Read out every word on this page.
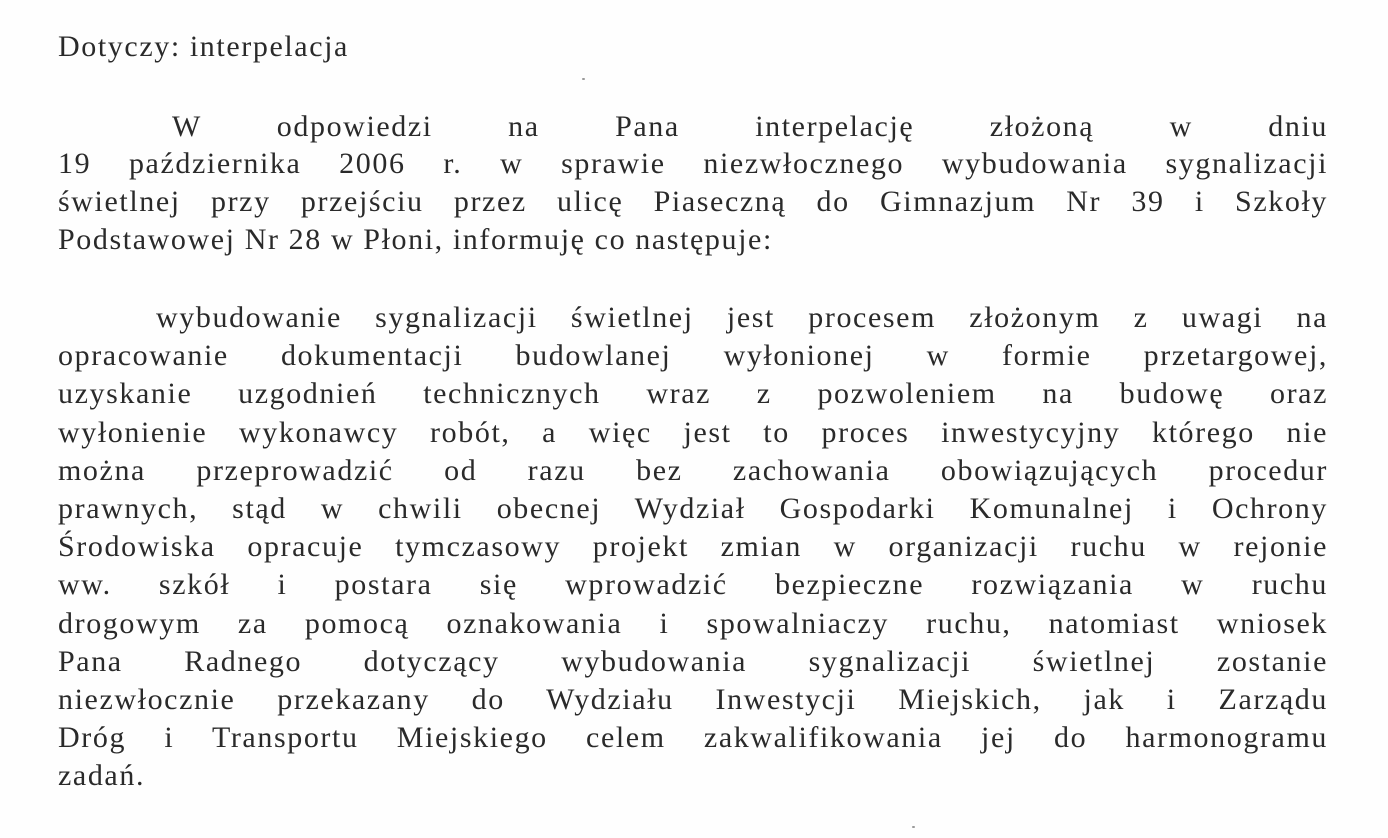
Dotyczy: interpelacja
W odpowiedzi na Pana interpelację złożoną w dniu
19 października 2006 r. w sprawie niezwłocznego wybudowania sygnalizacji
świetlnej przy przejściu przez ulicę Piaseczną do Gimnazjum Nr 39 i Szkoły
Podstawowej Nr 28 w Płoni, informuję co następuje:
wybudowanie sygnalizacji świetlnej jest procesem złożonym z uwagi na
opracowanie dokumentacji budowlanej wyłonionej w formie przetargowej,
uzyskanie uzgodnień technicznych wraz z pozwoleniem na budowę oraz
wyłonienie wykonawcy robót, a więc jest to proces inwestycyjny którego nie
można przeprowadzić od razu bez zachowania obowiązujących procedur
prawnych, stąd w chwili obecnej Wydział Gospodarki Komunalnej i Ochrony
Środowiska opracuje tymczasowy projekt zmian w organizacji ruchu w rejonie
ww. szkół i postara się wprowadzić bezpieczne rozwiązania w ruchu
drogowym za pomocą oznakowania i spowalniaczy ruchu, natomiast wniosek
Pana Radnego dotyczący wybudowania sygnalizacji świetlnej zostanie
niezwłocznie przekazany do Wydziału Inwestycji Miejskich, jak i Zarządu
Dróg i Transportu Miejskiego celem zakwalifikowania jej do harmonogramu
zadań.
